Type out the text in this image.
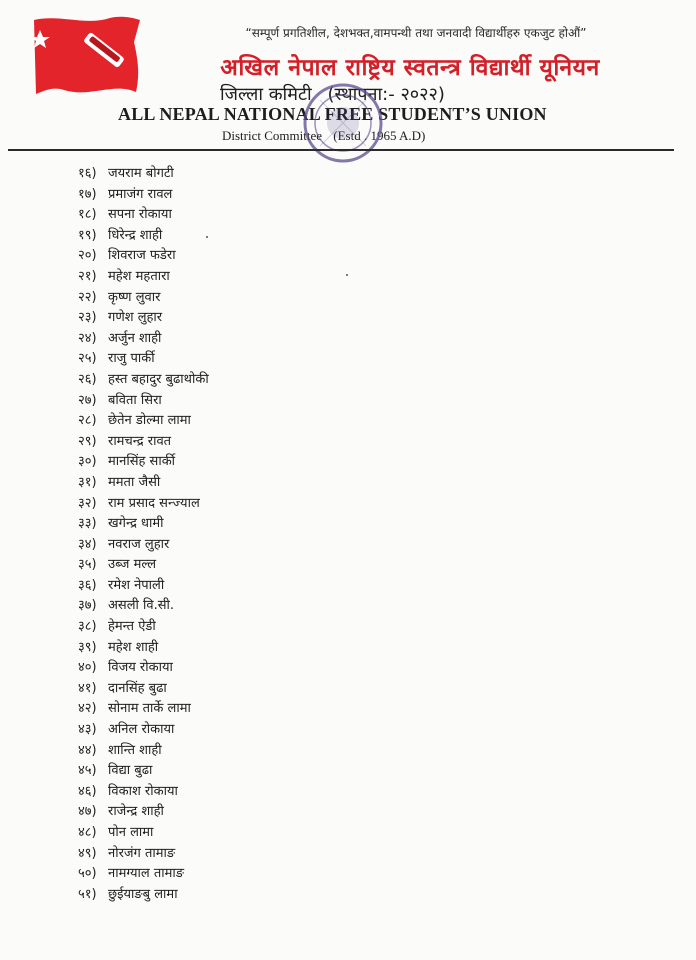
“सम्पूर्ण प्रगतिशील, देशभक्त,वामपन्थी तथा जनवादी विद्यार्थीहरु एकजुट होऔं”
अखिल नेपाल राष्ट्रिय स्वतन्त्र विद्यार्थी यूनियन
जिल्ला कमिटी (स्थापना:- २०२२)
ALL NEPAL NATIONAL FREE STUDENT’S UNION
District Committee (Estd . 1965 A.D)
१६) जयराम बोगटी
१७) प्रमाजंग रावल
१८) सपना रोकाया
१९) धिरेन्द्र शाही
२०) शिवराज फडेरा
२१) महेश महतारा
२२) कृष्ण लुवार
२३) गणेश लुहार
२४) अर्जुन शाही
२५) राजु पार्की
२६) हस्त बहादुर बुढाथोकी
२७) बविता सिरा
२८) छेतेन डोल्मा लामा
२९) रामचन्द्र रावत
३०) मानसिंह सार्की
३१) ममता जैसी
३२) राम प्रसाद सन्ज्याल
३३) खगेन्द्र धामी
३४) नवराज लुहार
३५) उब्ज मल्ल
३६) रमेश नेपाली
३७) असली वि.सी.
३८) हेमन्त ऐडी
३९) महेश शाही
४०) विजय रोकाया
४१) दानसिंह बुढा
४२) सोनाम तार्के लामा
४३) अनिल रोकाया
४४) शान्ति शाही
४५) विद्या बुढा
४६) विकाश रोकाया
४७) राजेन्द्र शाही
४८) पोन लामा
४९) नोरजंग तामाङ
५०) नामग्याल तामाङ
५१) छुईयाङबु लामा
